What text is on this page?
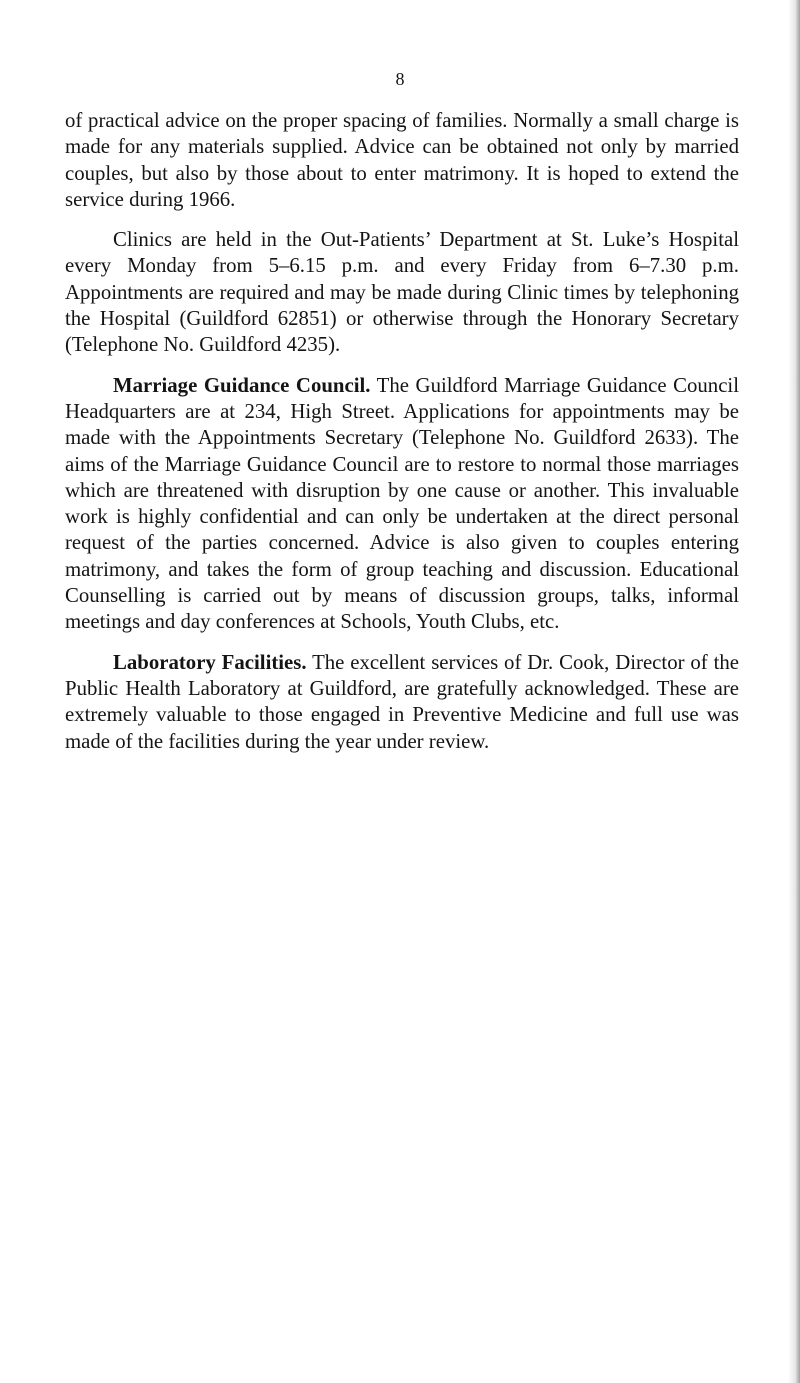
8

of practical advice on the proper spacing of families. Normally a small charge is made for any materials supplied. Advice can be obtained not only by married couples, but also by those about to enter matrimony. It is hoped to extend the service during 1966.

Clinics are held in the Out-Patients’ Department at St. Luke’s Hospital every Monday from 5–6.15 p.m. and every Friday from 6–7.30 p.m. Appointments are required and may be made during Clinic times by telephoning the Hospital (Guildford 62851) or otherwise through the Honorary Secretary (Telephone No. Guildford 4235).

Marriage Guidance Council. The Guildford Marriage Guidance Council Headquarters are at 234, High Street. Applications for appointments may be made with the Appointments Secretary (Telephone No. Guildford 2633). The aims of the Marriage Guidance Council are to restore to normal those marriages which are threatened with disruption by one cause or another. This invaluable work is highly confidential and can only be undertaken at the direct personal request of the parties concerned. Advice is also given to couples entering matrimony, and takes the form of group teaching and discussion. Educational Counselling is carried out by means of discussion groups, talks, informal meetings and day conferences at Schools, Youth Clubs, etc.

Laboratory Facilities. The excellent services of Dr. Cook, Director of the Public Health Laboratory at Guildford, are gratefully acknowledged. These are extremely valuable to those engaged in Preventive Medicine and full use was made of the facilities during the year under review.
